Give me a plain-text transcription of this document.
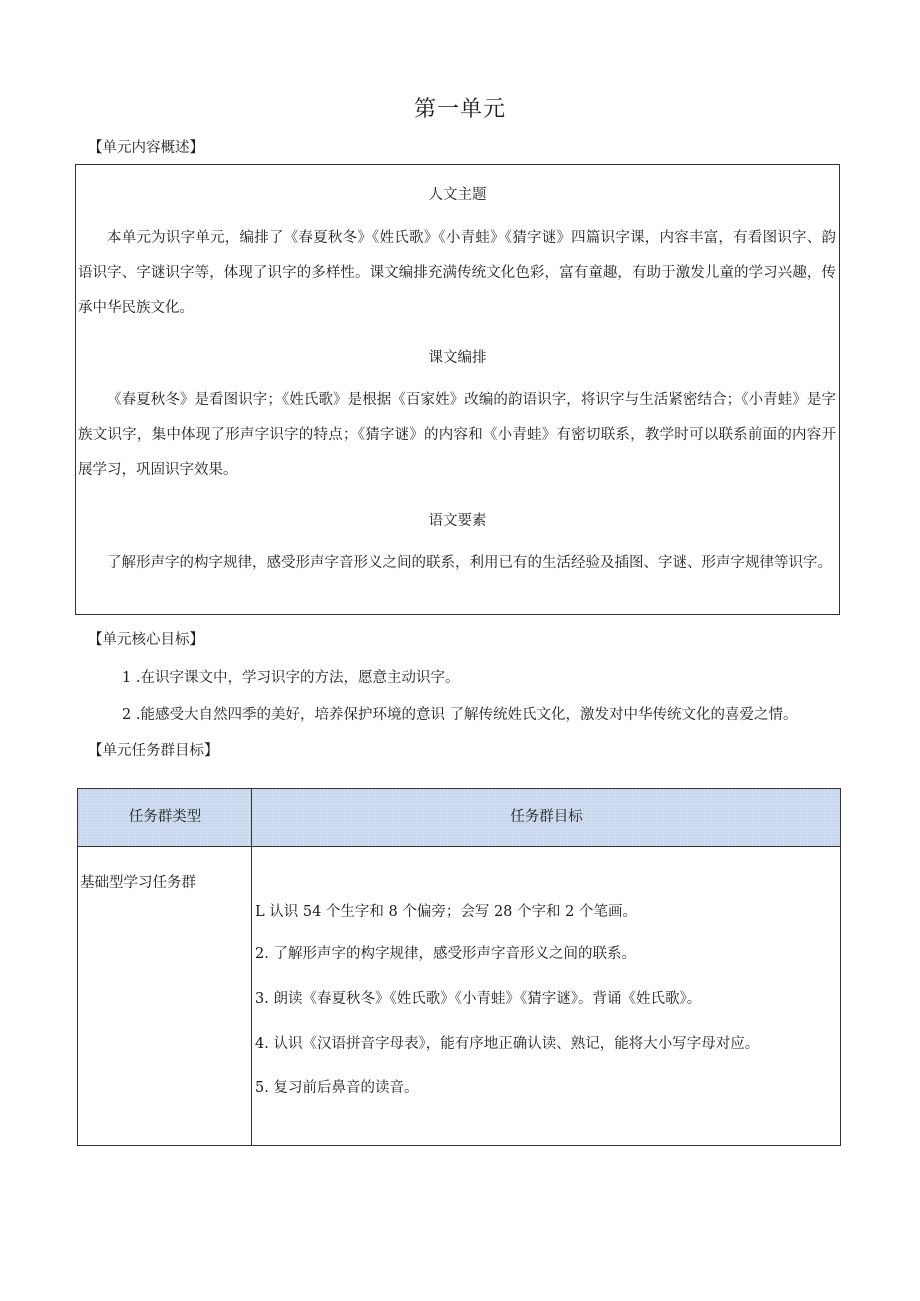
第一单元
【单元内容概述】
人文主题
本单元为识字单元，编排了《春夏秋冬》《姓氏歌》《小青蛙》《猜字谜》四篇识字课，内容丰富，有看图识字、韵语识字、字谜识字等，体现了识字的多样性。课文编排充满传统文化色彩，富有童趣，有助于激发儿童的学习兴趣，传承中华民族文化。
课文编排
《春夏秋冬》是看图识字；《姓氏歌》是根据《百家姓》改编的韵语识字，将识字与生活紧密结合；《小青蛙》是字族文识字，集中体现了形声字识字的特点；《猜字谜》的内容和《小青蛙》有密切联系，教学时可以联系前面的内容开展学习，巩固识字效果。
语文要素
了解形声字的构字规律，感受形声字音形义之间的联系，利用已有的生活经验及插图、字谜、形声字规律等识字。
【单元核心目标】
1 .在识字课文中，学习识字的方法，愿意主动识字。
2 .能感受大自然四季的美好，培养保护环境的意识 了解传统姓氏文化，激发对中华传统文化的喜爱之情。
【单元任务群目标】
任务群类型	任务群目标
基础型学习任务群
L 认识 54 个生字和 8 个偏旁；会写 28 个字和 2 个笔画。
2. 了解形声字的构字规律，感受形声字音形义之间的联系。
3. 朗读《春夏秋冬》《姓氏歌》《小青蛙》《猜字谜》。背诵《姓氏歌》。
4. 认识《汉语拼音字母表》，能有序地正确认读、熟记，能将大小写字母对应。
5. 复习前后鼻音的读音。
